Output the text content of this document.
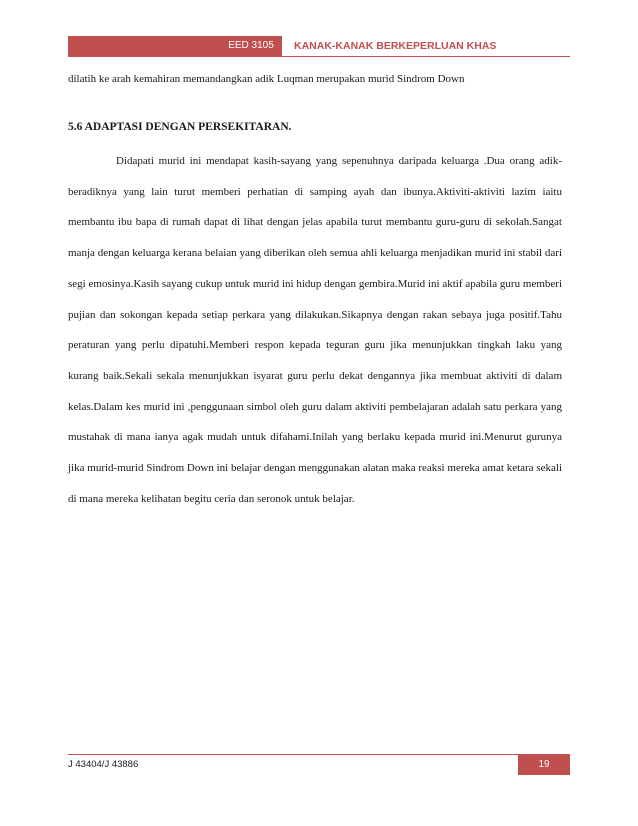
EED 3105	KANAK-KANAK BERKEPERLUAN KHAS
dilatih ke arah kemahiran memandangkan adik Luqman merupakan murid Sindrom Down
5.6 ADAPTASI DENGAN PERSEKITARAN.

Didapati murid ini mendapat kasih-sayang yang sepenuhnya daripada keluarga .Dua orang adik-beradiknya yang lain turut memberi perhatian di samping ayah dan ibunya.Aktiviti-aktiviti lazim iaitu membantu ibu bapa di rumah dapat di lihat dengan jelas apabila turut membantu guru-guru di sekolah.Sangat manja dengan keluarga kerana belaian yang diberikan oleh semua ahli keluarga menjadikan murid ini stabil dari segi emosinya.Kasih sayang cukup untuk murid ini hidup dengan gembira.Murid ini aktif apabila guru memberi pujian dan sokongan kepada setiap perkara yang dilakukan.Sikapnya dengan rakan sebaya juga positif.Tahu peraturan yang perlu dipatuhi.Memberi respon kepada teguran guru jika menunjukkan tingkah laku yang kurang baik.Sekali sekala menunjukkan isyarat guru perlu dekat dengannya jika membuat aktiviti di dalam kelas.Dalam kes murid ini ,penggunaan simbol oleh guru dalam aktiviti pembelajaran adalah satu perkara yang mustahak di mana ianya agak mudah untuk difahami.Inilah yang berlaku kepada murid ini.Menurut gurunya jika murid-murid Sindrom Down ini belajar dengan menggunakan alatan maka reaksi mereka amat ketara sekali di mana mereka kelihatan begitu ceria dan seronok untuk belajar.

J 43404/J 43886	19
